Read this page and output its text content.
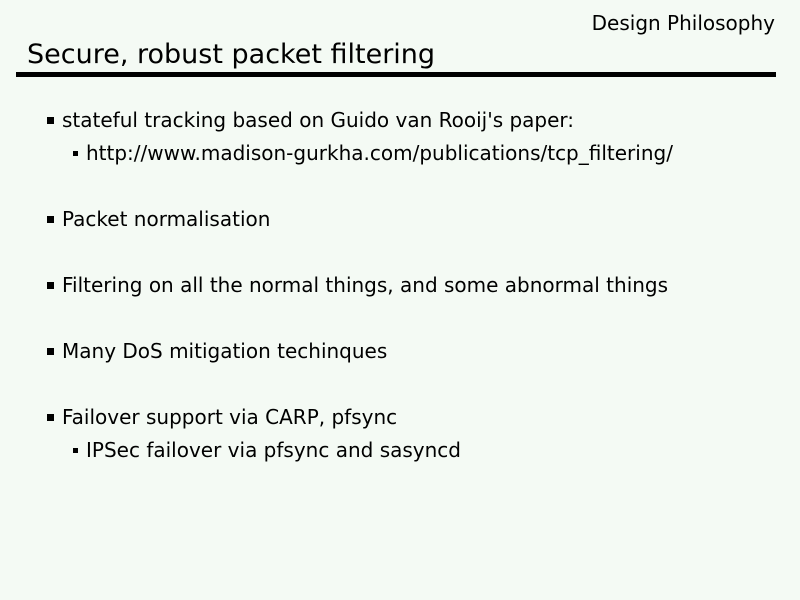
Design Philosophy
Secure, robust packet filtering
stateful tracking based on Guido van Rooij's paper:
http://www.madison-gurkha.com/publications/tcp_filtering/
Packet normalisation
Filtering on all the normal things, and some abnormal things
Many DoS mitigation techinques
Failover support via CARP, pfsync
IPSec failover via pfsync and sasyncd
